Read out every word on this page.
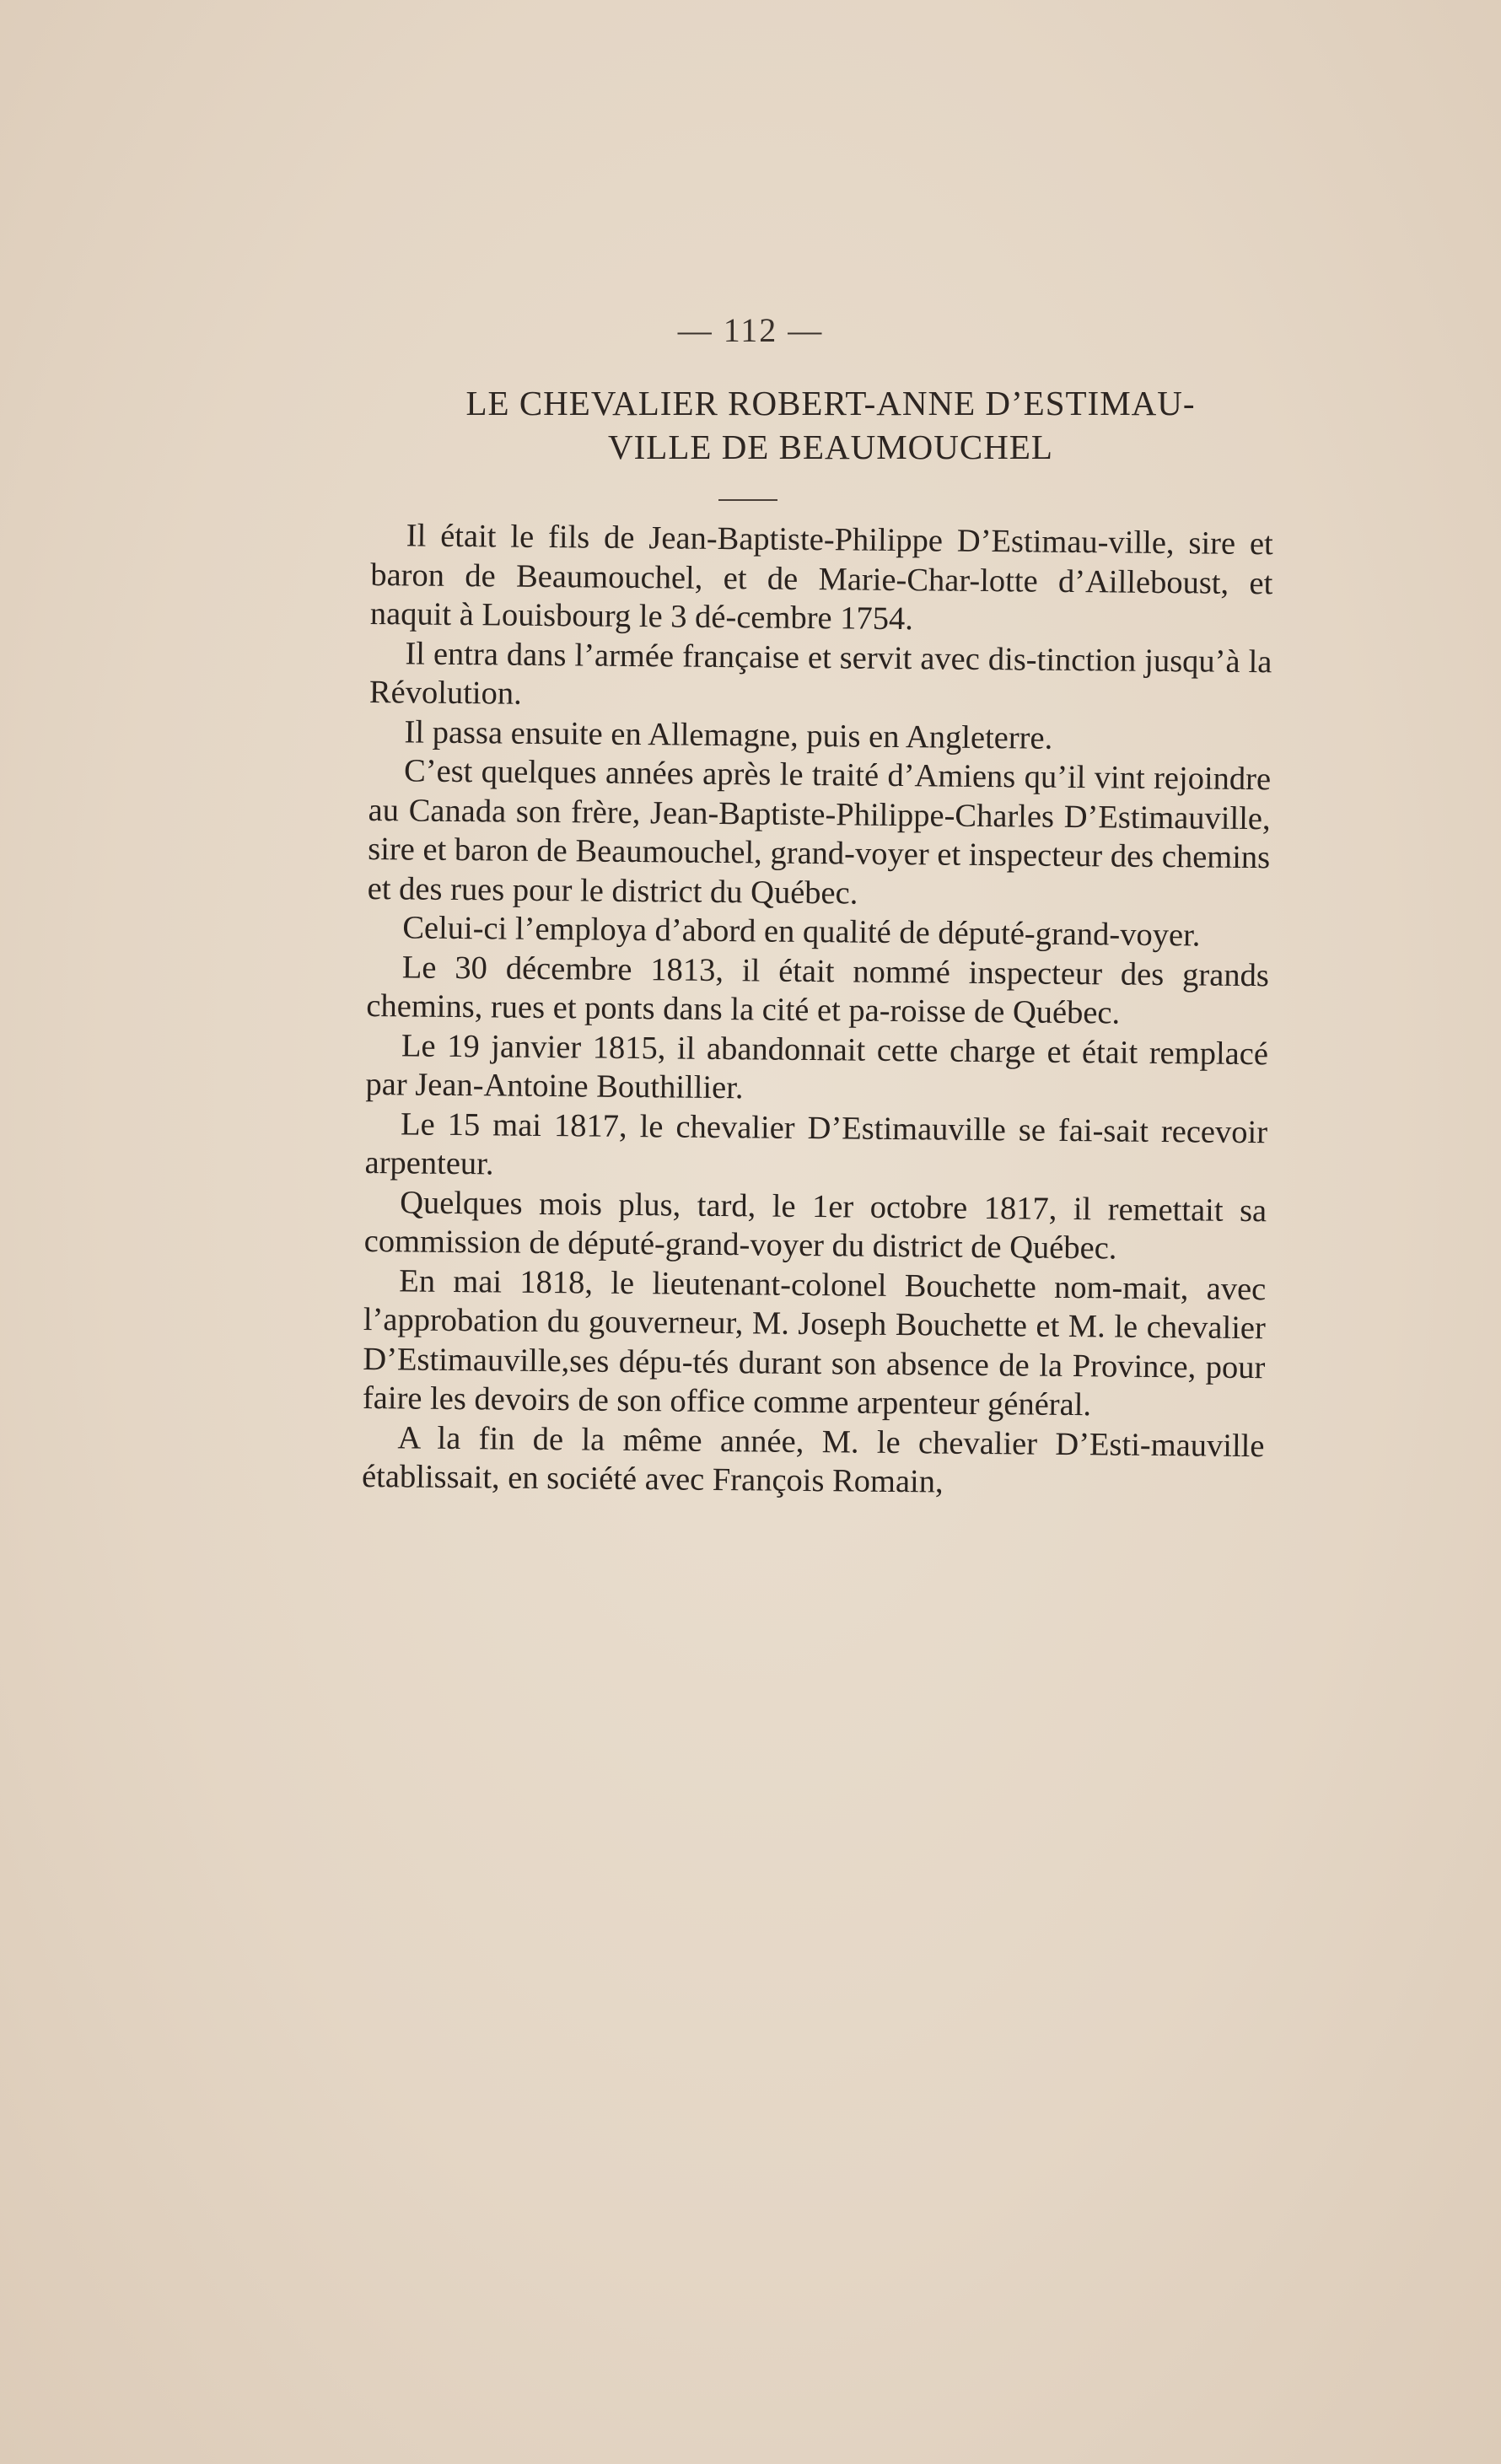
— 112 —
LE CHEVALIER ROBERT-ANNE D’ESTIMAU-
VILLE DE BEAUMOUCHEL

Il était le fils de Jean-Baptiste-Philippe D’Estimau-ville, sire et baron de Beaumouchel, et de Marie-Char-lotte d’Ailleboust, et naquit à Louisbourg le 3 dé-cembre 1754.

Il entra dans l’armée française et servit avec dis-tinction jusqu’à la Révolution.

Il passa ensuite en Allemagne, puis en Angleterre.

C’est quelques années après le traité d’Amiens qu’il vint rejoindre au Canada son frère, Jean-Baptiste-Philippe-Charles D’Estimauville, sire et baron de Beaumouchel, grand-voyer et inspecteur des chemins et des rues pour le district du Québec.

Celui-ci l’employa d’abord en qualité de député-grand-voyer.

Le 30 décembre 1813, il était nommé inspecteur des grands chemins, rues et ponts dans la cité et pa-roisse de Québec.

Le 19 janvier 1815, il abandonnait cette charge et était remplacé par Jean-Antoine Bouthillier.

Le 15 mai 1817, le chevalier D’Estimauville se fai-sait recevoir arpenteur.

Quelques mois plus, tard, le 1er octobre 1817, il remettait sa commission de député-grand-voyer du district de Québec.

En mai 1818, le lieutenant-colonel Bouchette nom-mait, avec l’approbation du gouverneur, M. Joseph Bouchette et M. le chevalier D’Estimauville,ses dépu-tés durant son absence de la Province, pour faire les devoirs de son office comme arpenteur général.

A la fin de la même année, M. le chevalier D’Esti-mauville établissait, en société avec François Romain,
